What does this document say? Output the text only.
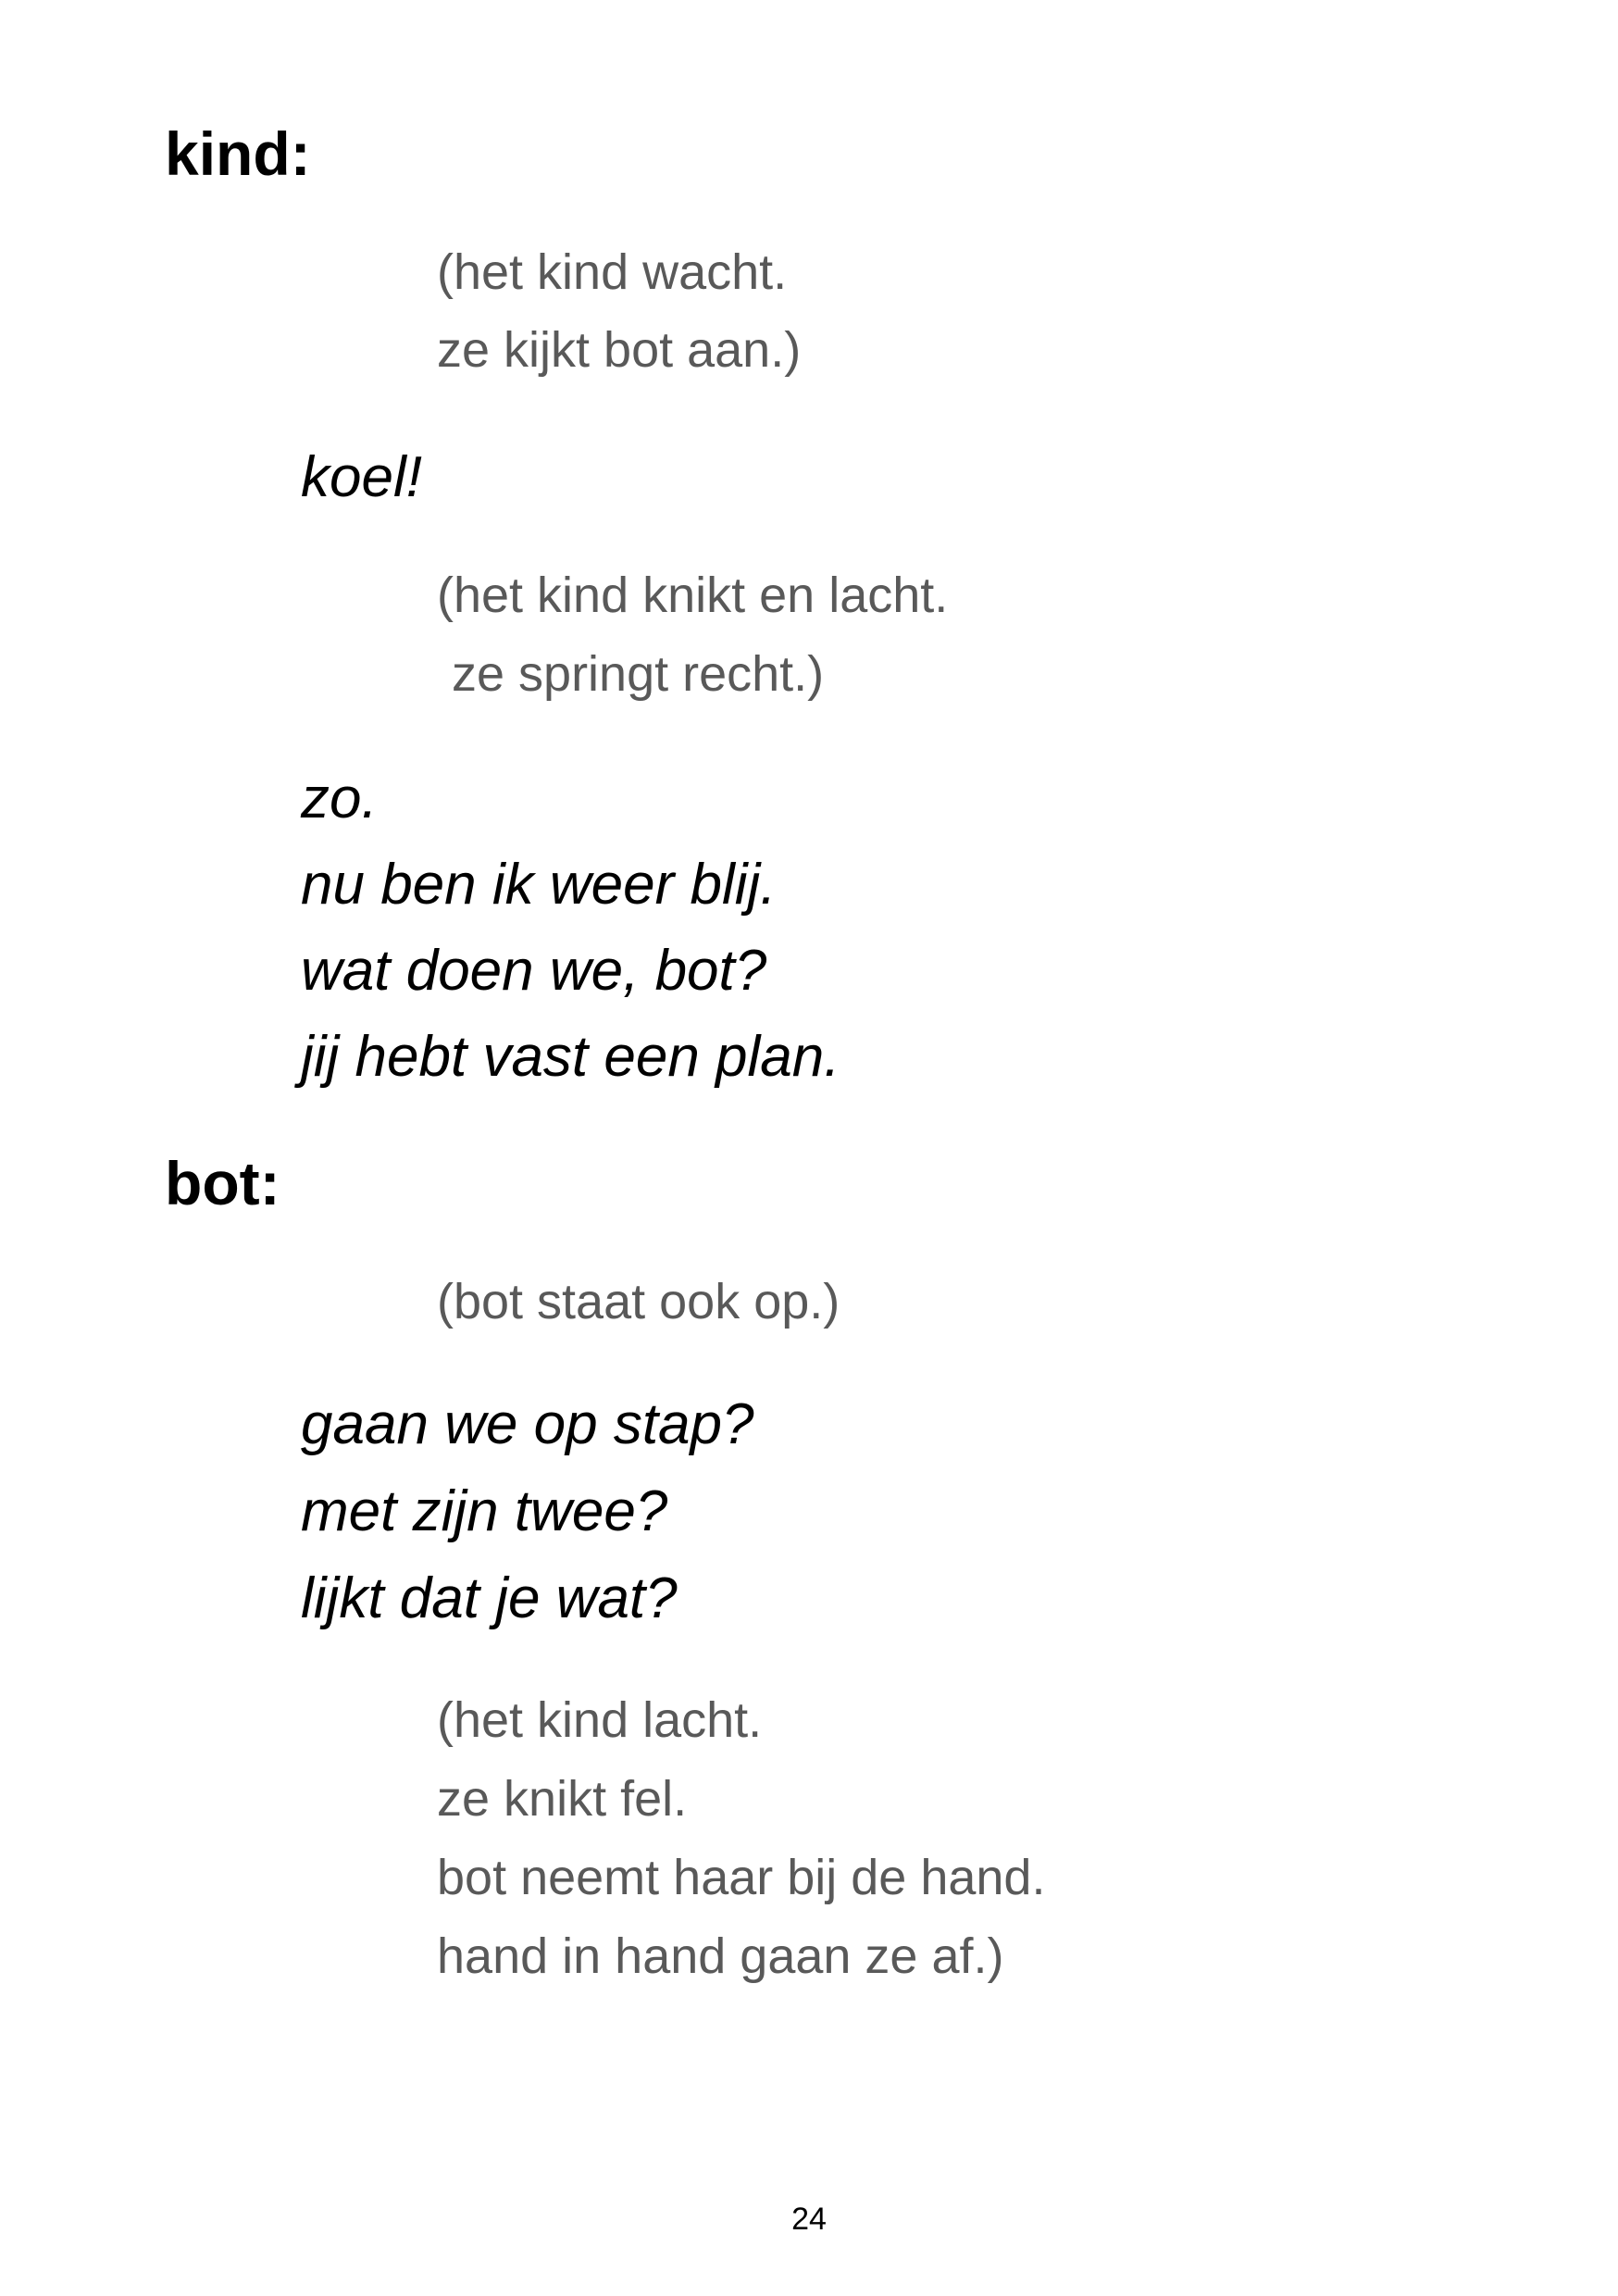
kind:
(het kind wacht.
ze kijkt bot aan.)
koel!
(het kind knikt en lacht.
ze springt recht.)
zo.
nu ben ik weer blij.
wat doen we, bot?
jij hebt vast een plan.
bot:
(bot staat ook op.)
gaan we op stap?
met zijn twee?
lijkt dat je wat?
(het kind lacht.
ze knikt fel.
bot neemt haar bij de hand.
hand in hand gaan ze af.)
24
